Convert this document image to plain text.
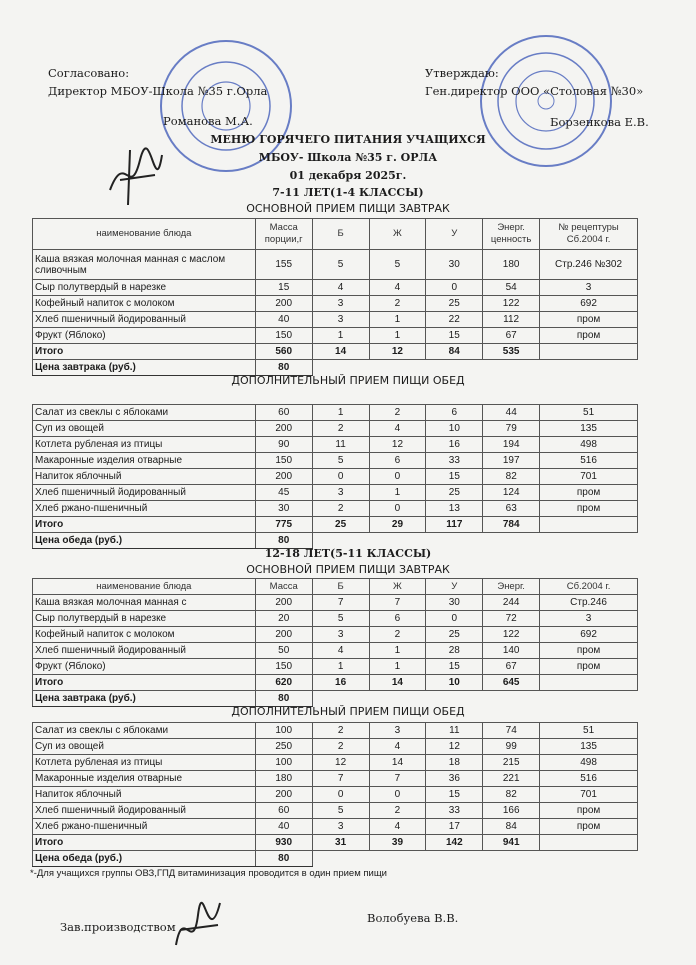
Согласовано:	Утверждаю:
Директор МБОУ-Школа №35 г.Орла	Ген.директор ООО «Столовая №30»
Романова М.А.	Борзенкова Е.В.
МЕНЮ ГОРЯЧЕГО ПИТАНИЯ УЧАЩИХСЯ
МБОУ- Школа №35 г. ОРЛА
01 декабря 2025г.
7-11 ЛЕТ(1-4 КЛАССЫ)
ОСНОВНОЙ ПРИЕМ ПИЩИ ЗАВТРАК
наименование блюда	Масса порции,г	Б	Ж	У	Энерг. ценность	№ рецептуры Сб.2004 г.
Каша вязкая молочная манная с маслом сливочным	155	5	5	30	180	Стр.246 №302
Сыр полутвердый в нарезке	15	4	4	0	54	3
Кофейный напиток с молоком	200	3	2	25	122	692
Хлеб пшеничный йодированный	40	3	1	22	112	пром
Фрукт (Яблоко)	150	1	1	15	67	пром
Итого	560	14	12	84	535	
Цена завтрака (руб.)	80					
ДОПОЛНИТЕЛЬНЫЙ ПРИЕМ ПИЩИ ОБЕД
Салат из свеклы с яблоками	60	1	2	6	44	51
Суп из овощей	200	2	4	10	79	135
Котлета рубленая из птицы	90	11	12	16	194	498
Макаронные изделия отварные	150	5	6	33	197	516
Напиток яблочный	200	0	0	15	82	701
Хлеб пшеничный йодированный	45	3	1	25	124	пром
Хлеб ржано-пшеничный	30	2	0	13	63	пром
Итого	775	25	29	117	784	
Цена обеда (руб.)	80					
12-18 ЛЕТ(5-11 КЛАССЫ)
ОСНОВНОЙ ПРИЕМ ПИЩИ ЗАВТРАК
наименование блюда	Масса	Б	Ж	У	Энерг.	Сб.2004 г.
Каша вязкая молочная манная с	200	7	7	30	244	Стр.246
Сыр полутвердый в нарезке	20	5	6	0	72	3
Кофейный напиток с молоком	200	3	2	25	122	692
Хлеб пшеничный йодированный	50	4	1	28	140	пром
Фрукт (Яблоко)	150	1	1	15	67	пром
Итого	620	16	14	10	645	
Цена завтрака (руб.)	80					
ДОПОЛНИТЕЛЬНЫЙ ПРИЕМ ПИЩИ ОБЕД
Салат из свеклы с яблоками	100	2	3	11	74	51
Суп из овощей	250	2	4	12	99	135
Котлета рубленая из птицы	100	12	14	18	215	498
Макаронные изделия отварные	180	7	7	36	221	516
Напиток яблочный	200	0	0	15	82	701
Хлеб пшеничный йодированный	60	5	2	33	166	пром
Хлеб ржано-пшеничный	40	3	4	17	84	пром
Итого	930	31	39	142	941	
Цена обеда (руб.)	80					
*-Для учащихся группы ОВЗ,ГПД витаминизация проводится в один прием пищи
Зав.производством
Волобуева В.В.
